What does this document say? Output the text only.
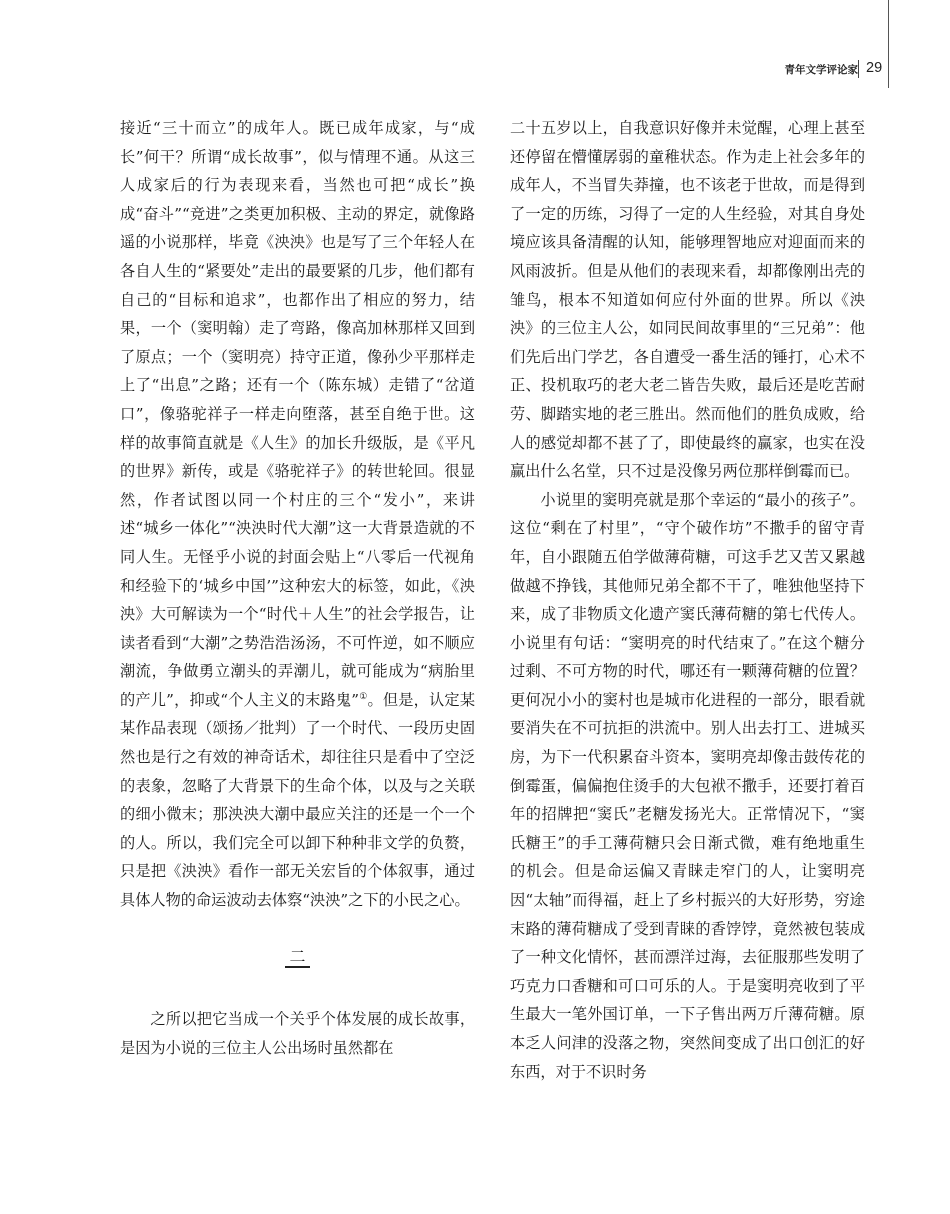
青年文学评论家 29

接近“三十而立”的成年人。既已成年成家，与“成长”何干？所谓“成长故事”，似与情理不通。从这三人成家后的行为表现来看，当然也可把“成长”换成“奋斗”“竞进”之类更加积极、主动的界定，就像路遥的小说那样，毕竟《泱泱》也是写了三个年轻人在各自人生的“紧要处”走出的最要紧的几步，他们都有自己的“目标和追求”，也都作出了相应的努力，结果，一个（窦明翰）走了弯路，像高加林那样又回到了原点；一个（窦明亮）持守正道，像孙少平那样走上了“出息”之路；还有一个（陈东城）走错了“岔道口”，像骆驼祥子一样走向堕落，甚至自绝于世。这样的故事简直就是《人生》的加长升级版，是《平凡的世界》新传，或是《骆驼祥子》的转世轮回。很显然，作者试图以同一个村庄的三个“发小”，来讲述“城乡一体化”“泱泱时代大潮”这一大背景造就的不同人生。无怪乎小说的封面会贴上“八零后一代视角和经验下的‘城乡中国’”这种宏大的标签，如此，《泱泱》大可解读为一个“时代＋人生”的社会学报告，让读者看到“大潮”之势浩浩汤汤，不可忤逆，如不顺应潮流，争做勇立潮头的弄潮儿，就可能成为“病胎里的产儿”，抑或“个人主义的末路鬼”①。但是，认定某某作品表现（颂扬／批判）了一个时代、一段历史固然也是行之有效的神奇话术，却往往只是看中了空泛的表象，忽略了大背景下的生命个体，以及与之关联的细小微末；那泱泱大潮中最应关注的还是一个一个的人。所以，我们完全可以卸下种种非文学的负赘，只是把《泱泱》看作一部无关宏旨的个体叙事，通过具体人物的命运波动去体察“泱泱”之下的小民之心。

二

之所以把它当成一个关乎个体发展的成长故事，是因为小说的三位主人公出场时虽然都在

二十五岁以上，自我意识好像并未觉醒，心理上甚至还停留在懵懂孱弱的童稚状态。作为走上社会多年的成年人，不当冒失莽撞，也不该老于世故，而是得到了一定的历练，习得了一定的人生经验，对其自身处境应该具备清醒的认知，能够理智地应对迎面而来的风雨波折。但是从他们的表现来看，却都像刚出壳的雏鸟，根本不知道如何应付外面的世界。所以《泱泱》的三位主人公，如同民间故事里的“三兄弟”：他们先后出门学艺，各自遭受一番生活的锤打，心术不正、投机取巧的老大老二皆告失败，最后还是吃苦耐劳、脚踏实地的老三胜出。然而他们的胜负成败，给人的感觉却都不甚了了，即使最终的赢家，也实在没赢出什么名堂，只不过是没像另两位那样倒霉而已。

小说里的窦明亮就是那个幸运的“最小的孩子”。这位“剩在了村里”，“守个破作坊”不撒手的留守青年，自小跟随五伯学做薄荷糖，可这手艺又苦又累越做越不挣钱，其他师兄弟全都不干了，唯独他坚持下来，成了非物质文化遗产窦氏薄荷糖的第七代传人。小说里有句话：“窦明亮的时代结束了。”在这个糖分过剩、不可方物的时代，哪还有一颗薄荷糖的位置？更何况小小的窦村也是城市化进程的一部分，眼看就要消失在不可抗拒的洪流中。别人出去打工、进城买房，为下一代积累奋斗资本，窦明亮却像击鼓传花的倒霉蛋，偏偏抱住烫手的大包袱不撒手，还要打着百年的招牌把“窦氏”老糖发扬光大。正常情况下，“窦氏糖王”的手工薄荷糖只会日渐式微，难有绝地重生的机会。但是命运偏又青睐走窄门的人，让窦明亮因“太轴”而得福，赶上了乡村振兴的大好形势，穷途末路的薄荷糖成了受到青睐的香饽饽，竟然被包装成了一种文化情怀，甚而漂洋过海，去征服那些发明了巧克力口香糖和可口可乐的人。于是窦明亮收到了平生最大一笔外国订单，一下子售出两万斤薄荷糖。原本乏人问津的没落之物，突然间变成了出口创汇的好东西，对于不识时务
